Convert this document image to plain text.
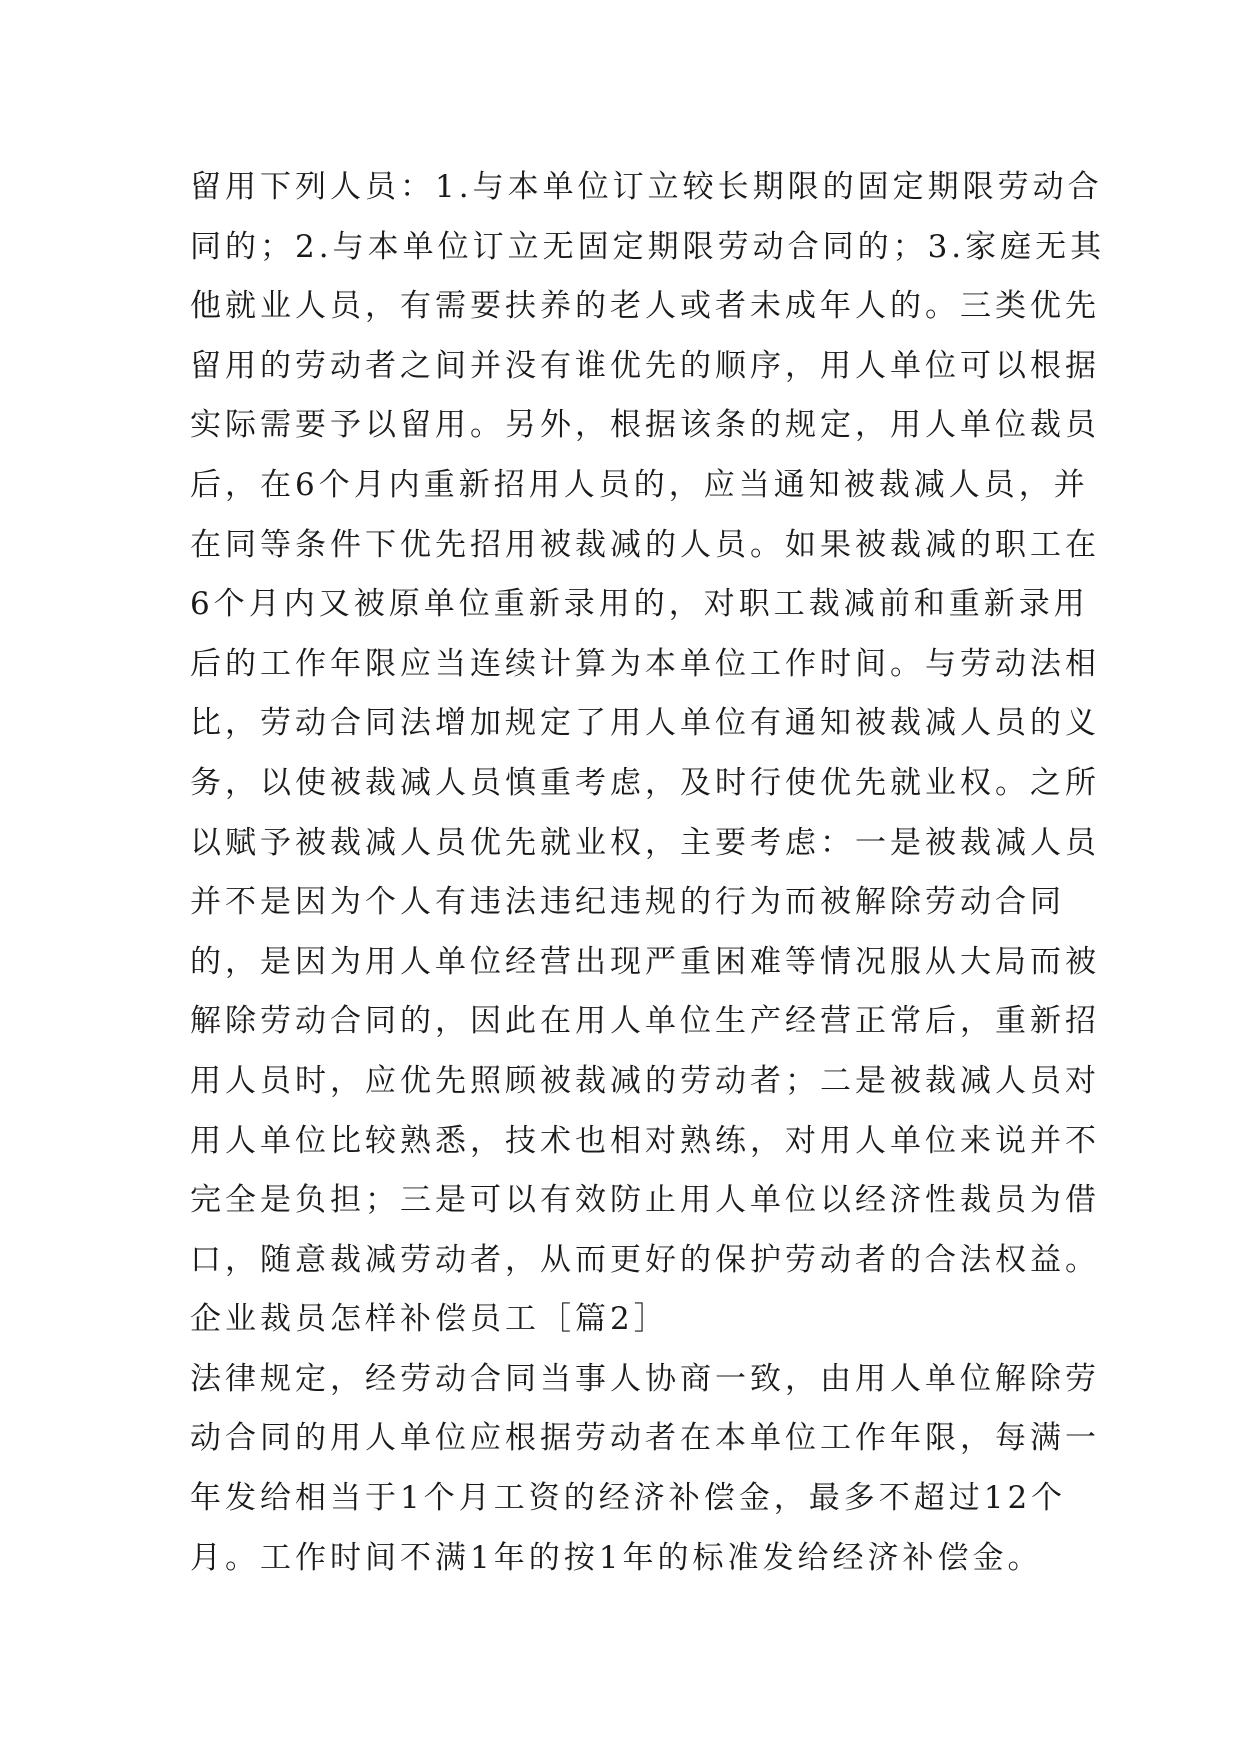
留用下列人员：1.与本单位订立较长期限的固定期限劳动合
同的；2.与本单位订立无固定期限劳动合同的；3.家庭无其
他就业人员，有需要扶养的老人或者未成年人的。三类优先
留用的劳动者之间并没有谁优先的顺序，用人单位可以根据
实际需要予以留用。另外，根据该条的规定，用人单位裁员
后，在6个月内重新招用人员的，应当通知被裁减人员，并
在同等条件下优先招用被裁减的人员。如果被裁减的职工在
6个月内又被原单位重新录用的，对职工裁减前和重新录用
后的工作年限应当连续计算为本单位工作时间。与劳动法相
比，劳动合同法增加规定了用人单位有通知被裁减人员的义
务，以使被裁减人员慎重考虑，及时行使优先就业权。之所
以赋予被裁减人员优先就业权，主要考虑：一是被裁减人员
并不是因为个人有违法违纪违规的行为而被解除劳动合同
的，是因为用人单位经营出现严重困难等情况服从大局而被
解除劳动合同的，因此在用人单位生产经营正常后，重新招
用人员时，应优先照顾被裁减的劳动者；二是被裁减人员对
用人单位比较熟悉，技术也相对熟练，对用人单位来说并不
完全是负担；三是可以有效防止用人单位以经济性裁员为借
口，随意裁减劳动者，从而更好的保护劳动者的合法权益。
企业裁员怎样补偿员工［篇2］
法律规定，经劳动合同当事人协商一致，由用人单位解除劳
动合同的用人单位应根据劳动者在本单位工作年限，每满一
年发给相当于1个月工资的经济补偿金，最多不超过12个
月。工作时间不满1年的按1年的标准发给经济补偿金。
